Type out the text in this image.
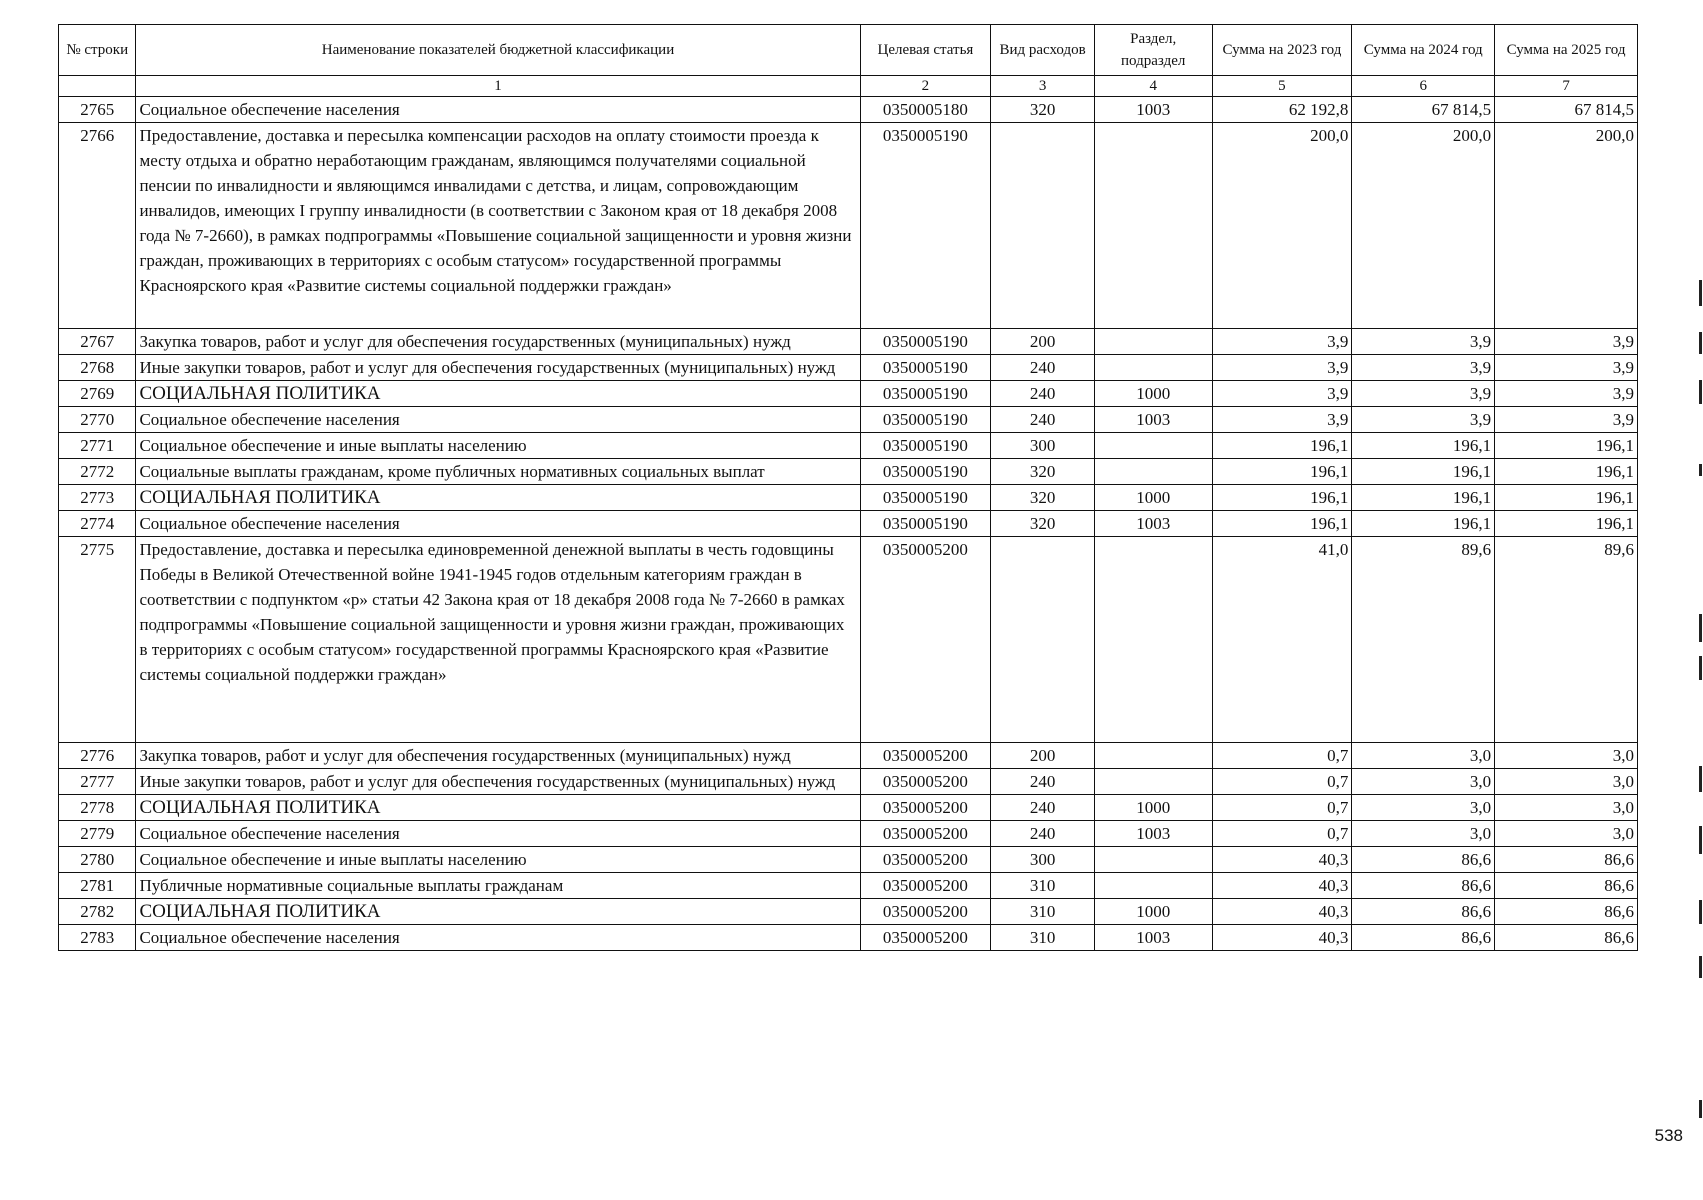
№ строки	Наименование показателей бюджетной классификации	Целевая статья	Вид расходов	Раздел, подраздел	Сумма на 2023 год	Сумма на 2024 год	Сумма на 2025 год
	1	2	3	4	5	6	7
2765	Социальное обеспечение населения	0350005180	320	1003	62 192,8	67 814,5	67 814,5
2766	Предоставление, доставка и пересылка компенсации расходов на оплату стоимости проезда к месту отдыха и обратно неработающим гражданам, являющимся получателями социальной пенсии по инвалидности и являющимся инвалидами с детства, и лицам, сопровождающим инвалидов, имеющих I группу инвалидности (в соответствии с Законом края от 18 декабря 2008 года № 7-2660), в рамках подпрограммы «Повышение социальной защищенности и уровня жизни граждан, проживающих в территориях с особым статусом» государственной программы Красноярского края «Развитие системы социальной поддержки граждан»	0350005190			200,0	200,0	200,0
2767	Закупка товаров, работ и услуг для обеспечения государственных (муниципальных) нужд	0350005190	200		3,9	3,9	3,9
2768	Иные закупки товаров, работ и услуг для обеспечения государственных (муниципальных) нужд	0350005190	240		3,9	3,9	3,9
2769	СОЦИАЛЬНАЯ ПОЛИТИКА	0350005190	240	1000	3,9	3,9	3,9
2770	Социальное обеспечение населения	0350005190	240	1003	3,9	3,9	3,9
2771	Социальное обеспечение и иные выплаты населению	0350005190	300		196,1	196,1	196,1
2772	Социальные выплаты гражданам, кроме публичных нормативных социальных выплат	0350005190	320		196,1	196,1	196,1
2773	СОЦИАЛЬНАЯ ПОЛИТИКА	0350005190	320	1000	196,1	196,1	196,1
2774	Социальное обеспечение населения	0350005190	320	1003	196,1	196,1	196,1
2775	Предоставление, доставка и пересылка единовременной денежной выплаты в честь годовщины Победы в Великой Отечественной войне 1941-1945 годов отдельным категориям граждан в соответствии с подпунктом «р» статьи 42 Закона края от 18 декабря 2008 года № 7-2660 в рамках подпрограммы «Повышение социальной защищенности и уровня жизни граждан, проживающих в территориях с особым статусом» государственной программы Красноярского края «Развитие системы социальной поддержки граждан»	0350005200			41,0	89,6	89,6
2776	Закупка товаров, работ и услуг для обеспечения государственных (муниципальных) нужд	0350005200	200		0,7	3,0	3,0
2777	Иные закупки товаров, работ и услуг для обеспечения государственных (муниципальных) нужд	0350005200	240		0,7	3,0	3,0
2778	СОЦИАЛЬНАЯ ПОЛИТИКА	0350005200	240	1000	0,7	3,0	3,0
2779	Социальное обеспечение населения	0350005200	240	1003	0,7	3,0	3,0
2780	Социальное обеспечение и иные выплаты населению	0350005200	300		40,3	86,6	86,6
2781	Публичные нормативные социальные выплаты гражданам	0350005200	310		40,3	86,6	86,6
2782	СОЦИАЛЬНАЯ ПОЛИТИКА	0350005200	310	1000	40,3	86,6	86,6
2783	Социальное обеспечение населения	0350005200	310	1003	40,3	86,6	86,6
538
